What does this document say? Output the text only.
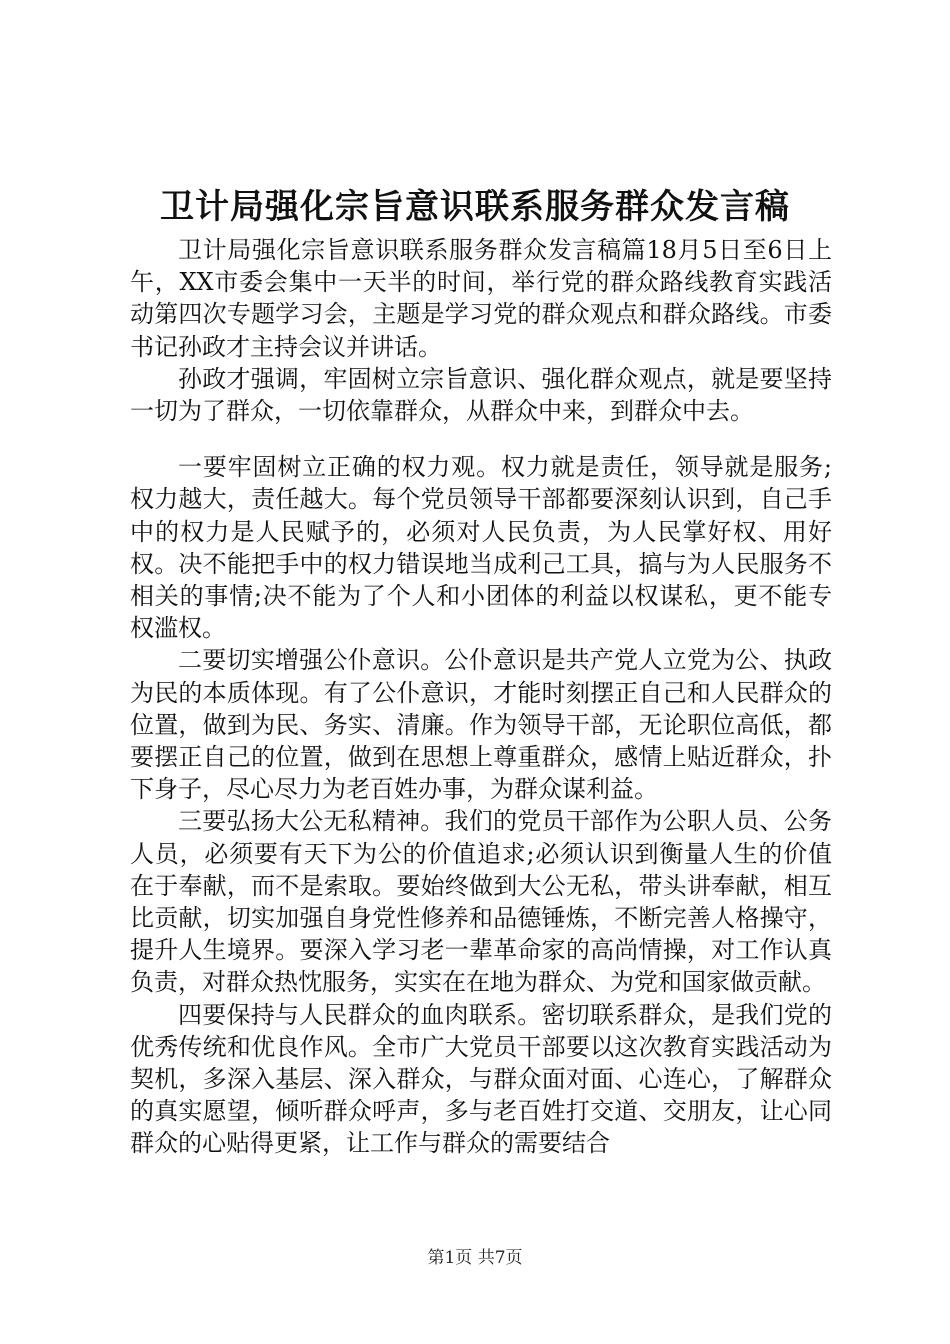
卫计局强化宗旨意识联系服务群众发言稿

卫计局强化宗旨意识联系服务群众发言稿篇18月5日至6日上午，XX市委会集中一天半的时间，举行党的群众路线教育实践活动第四次专题学习会，主题是学习党的群众观点和群众路线。市委书记孙政才主持会议并讲话。

孙政才强调，牢固树立宗旨意识、强化群众观点，就是要坚持一切为了群众，一切依靠群众，从群众中来，到群众中去。

一要牢固树立正确的权力观。权力就是责任，领导就是服务;权力越大，责任越大。每个党员领导干部都要深刻认识到，自己手中的权力是人民赋予的，必须对人民负责，为人民掌好权、用好权。决不能把手中的权力错误地当成利己工具，搞与为人民服务不相关的事情;决不能为了个人和小团体的利益以权谋私，更不能专权滥权。

二要切实增强公仆意识。公仆意识是共产党人立党为公、执政为民的本质体现。有了公仆意识，才能时刻摆正自己和人民群众的位置，做到为民、务实、清廉。作为领导干部，无论职位高低，都要摆正自己的位置，做到在思想上尊重群众，感情上贴近群众，扑下身子，尽心尽力为老百姓办事，为群众谋利益。

三要弘扬大公无私精神。我们的党员干部作为公职人员、公务人员，必须要有天下为公的价值追求;必须认识到衡量人生的价值在于奉献，而不是索取。要始终做到大公无私，带头讲奉献，相互比贡献，切实加强自身党性修养和品德锤炼，不断完善人格操守，提升人生境界。要深入学习老一辈革命家的高尚情操，对工作认真负责，对群众热忱服务，实实在在地为群众、为党和国家做贡献。

四要保持与人民群众的血肉联系。密切联系群众，是我们党的优秀传统和优良作风。全市广大党员干部要以这次教育实践活动为契机，多深入基层、深入群众，与群众面对面、心连心，了解群众的真实愿望，倾听群众呼声，多与老百姓打交道、交朋友，让心同群众的心贴得更紧，让工作与群众的需要结合

第1页 共7页
